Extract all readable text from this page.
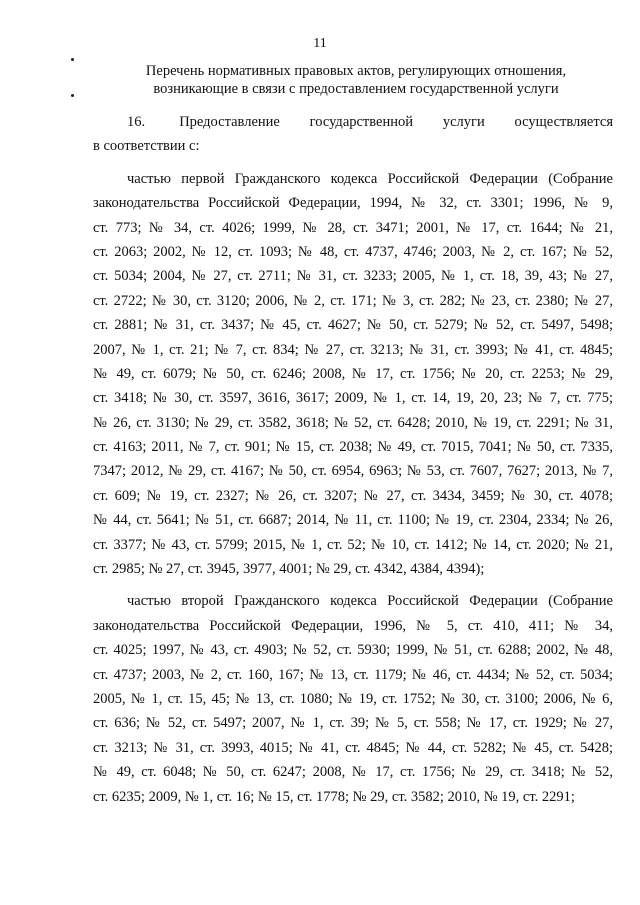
11
Перечень нормативных правовых актов, регулирующих отношения,
возникающие в связи с предоставлением государственной услуги
16.        Предоставление       государственной       услуги       осуществляется
в соответствии с:
частью первой Гражданского кодекса Российской Федерации (Собрание
законодательства Российской Федерации, 1994, № 32, ст. 3301; 1996, № 9,
ст. 773; № 34, ст. 4026; 1999, № 28, ст. 3471; 2001, № 17, ст. 1644; № 21,
ст. 2063; 2002, № 12, ст. 1093; № 48, ст. 4737, 4746; 2003, № 2, ст. 167; № 52,
ст. 5034; 2004, № 27, ст. 2711; № 31, ст. 3233; 2005, № 1, ст. 18, 39, 43; № 27,
ст. 2722; № 30, ст. 3120; 2006, № 2, ст. 171; № 3, ст. 282; № 23, ст. 2380; № 27,
ст. 2881; № 31, ст. 3437; № 45, ст. 4627; № 50, ст. 5279; № 52, ст. 5497, 5498;
2007, № 1, ст. 21; № 7, ст. 834; № 27, ст. 3213; № 31, ст. 3993; № 41, ст. 4845;
№ 49, ст. 6079; № 50, ст. 6246; 2008, № 17, ст. 1756; № 20, ст. 2253; № 29,
ст. 3418; № 30, ст. 3597, 3616, 3617; 2009, № 1, ст. 14, 19, 20, 23; № 7, ст. 775;
№ 26, ст. 3130; № 29, ст. 3582, 3618; № 52, ст. 6428; 2010, № 19, ст. 2291; № 31,
ст. 4163; 2011, № 7, ст. 901; № 15, ст. 2038; № 49, ст. 7015, 7041; № 50, ст. 7335,
7347; 2012, № 29, ст. 4167; № 50, ст. 6954, 6963; № 53, ст. 7607, 7627; 2013, № 7,
ст. 609; № 19, ст. 2327; № 26, ст. 3207; № 27, ст. 3434, 3459; № 30, ст. 4078;
№ 44, ст. 5641; № 51, ст. 6687; 2014, № 11, ст. 1100; № 19, ст. 2304, 2334; № 26,
ст. 3377; № 43, ст. 5799; 2015, № 1, ст. 52; № 10, ст. 1412; № 14, ст. 2020; № 21,
ст. 2985; № 27, ст. 3945, 3977, 4001; № 29, ст. 4342, 4384, 4394);
частью второй Гражданского кодекса Российской Федерации (Собрание
законодательства Российской Федерации, 1996, № 5, ст. 410, 411; № 34,
ст. 4025; 1997, № 43, ст. 4903; № 52, ст. 5930; 1999, № 51, ст. 6288; 2002, № 48,
ст. 4737; 2003, № 2, ст. 160, 167; № 13, ст. 1179; № 46, ст. 4434; № 52, ст. 5034;
2005, № 1, ст. 15, 45; № 13, ст. 1080; № 19, ст. 1752; № 30, ст. 3100; 2006, № 6,
ст. 636; № 52, ст. 5497; 2007, № 1, ст. 39; № 5, ст. 558; № 17, ст. 1929; № 27,
ст. 3213; № 31, ст. 3993, 4015; № 41, ст. 4845; № 44, ст. 5282; № 45, ст. 5428;
№ 49, ст. 6048; № 50, ст. 6247; 2008, № 17, ст. 1756; № 29, ст. 3418; № 52,
ст. 6235; 2009, № 1, ст. 16; № 15, ст. 1778; № 29, ст. 3582; 2010, № 19, ст. 2291;
